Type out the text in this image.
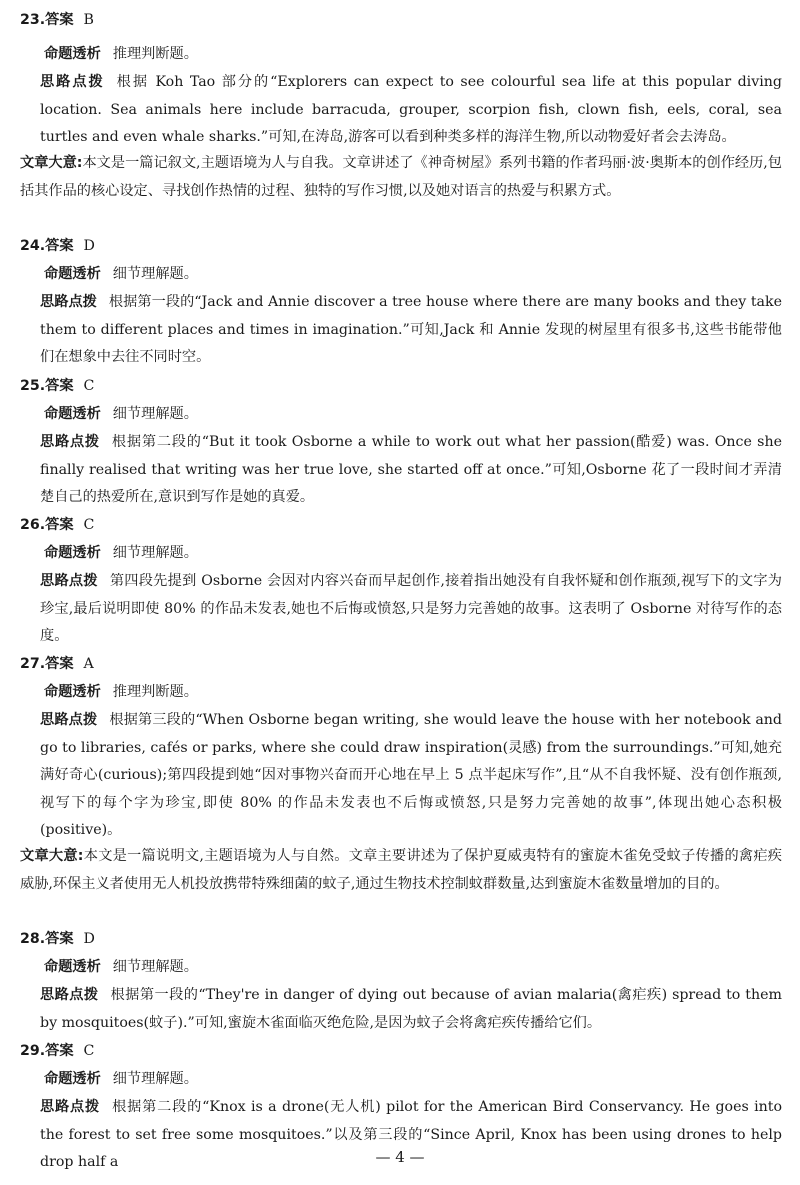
23.答案 B
命题透析 推理判断题。
思路点拨 根据 Koh Tao 部分的“Explorers can expect to see colourful sea life at this popular diving location. Sea animals here include barracuda, grouper, scorpion fish, clown fish, eels, coral, sea turtles and even whale sharks.”可知,在涛岛,游客可以看到种类多样的海洋生物,所以动物爱好者会去涛岛。
文章大意:本文是一篇记叙文,主题语境为人与自我。文章讲述了《神奇树屋》系列书籍的作者玛丽·波·奥斯本的创作经历,包括其作品的核心设定、寻找创作热情的过程、独特的写作习惯,以及她对语言的热爱与积累方式。
24.答案 D
命题透析 细节理解题。
思路点拨 根据第一段的“Jack and Annie discover a tree house where there are many books and they take them to different places and times in imagination.”可知,Jack 和 Annie 发现的树屋里有很多书,这些书能带他们在想象中去往不同时空。
25.答案 C
命题透析 细节理解题。
思路点拨 根据第二段的“But it took Osborne a while to work out what her passion(酷爱) was. Once she finally realised that writing was her true love, she started off at once.”可知,Osborne 花了一段时间才弄清楚自己的热爱所在,意识到写作是她的真爱。
26.答案 C
命题透析 细节理解题。
思路点拨 第四段先提到 Osborne 会因对内容兴奋而早起创作,接着指出她没有自我怀疑和创作瓶颈,视写下的文字为珍宝,最后说明即使 80% 的作品未发表,她也不后悔或愤怒,只是努力完善她的故事。这表明了 Osborne 对待写作的态度。
27.答案 A
命题透析 推理判断题。
思路点拨 根据第三段的“When Osborne began writing, she would leave the house with her notebook and go to libraries, cafés or parks, where she could draw inspiration(灵感) from the surroundings.”可知,她充满好奇心(curious);第四段提到她“因对事物兴奋而开心地在早上 5 点半起床写作”,且“从不自我怀疑、没有创作瓶颈,视写下的每个字为珍宝,即使 80% 的作品未发表也不后悔或愤怒,只是努力完善她的故事”,体现出她心态积极(positive)。
文章大意:本文是一篇说明文,主题语境为人与自然。文章主要讲述为了保护夏威夷特有的蜜旋木雀免受蚊子传播的禽疟疾威胁,环保主义者使用无人机投放携带特殊细菌的蚊子,通过生物技术控制蚊群数量,达到蜜旋木雀数量增加的目的。
28.答案 D
命题透析 细节理解题。
思路点拨 根据第一段的“They're in danger of dying out because of avian malaria(禽疟疾) spread to them by mosquitoes(蚊子).”可知,蜜旋木雀面临灭绝危险,是因为蚊子会将禽疟疾传播给它们。
29.答案 C
命题透析 细节理解题。
思路点拨 根据第二段的“Knox is a drone(无人机) pilot for the American Bird Conservancy. He goes into the forest to set free some mosquitoes.”以及第三段的“Since April, Knox has been using drones to help drop half a	— 4 —
